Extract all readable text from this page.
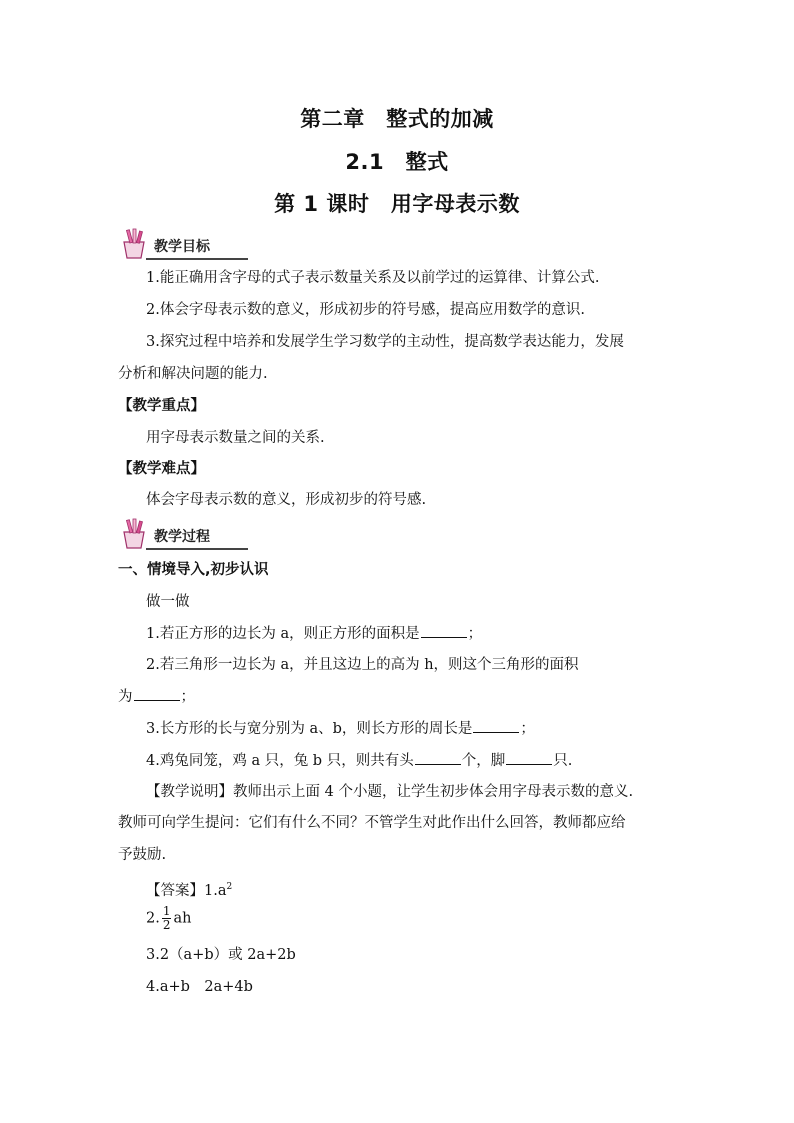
第二章　整式的加减
2.1　整式
第 1 课时　用字母表示数
教学目标
1.能正确用含字母的式子表示数量关系及以前学过的运算律、计算公式.
2.体会字母表示数的意义，形成初步的符号感，提高应用数学的意识.
3.探究过程中培养和发展学生学习数学的主动性，提高数学表达能力，发展
分析和解决问题的能力.
【教学重点】
用字母表示数量之间的关系.
【教学难点】
体会字母表示数的意义，形成初步的符号感.
教学过程
一、情境导入,初步认识
做一做
1.若正方形的边长为 a，则正方形的面积是	；
2.若三角形一边长为 a，并且这边上的高为 h，则这个三角形的面积
为	；
3.长方形的长与宽分别为 a、b，则长方形的周长是	；
4.鸡兔同笼，鸡 a 只，兔 b 只，则共有头	个，脚	只.
【教学说明】教师出示上面 4 个小题，让学生初步体会用字母表示数的意义.
教师可向学生提问：它们有什么不同？不管学生对此作出什么回答，教师都应给
予鼓励.
【答案】$1.a^2$
2. $\frac{1}{2}$ ah
3.2（a+b）或 2a+2b
4.a+b　2a+4b
